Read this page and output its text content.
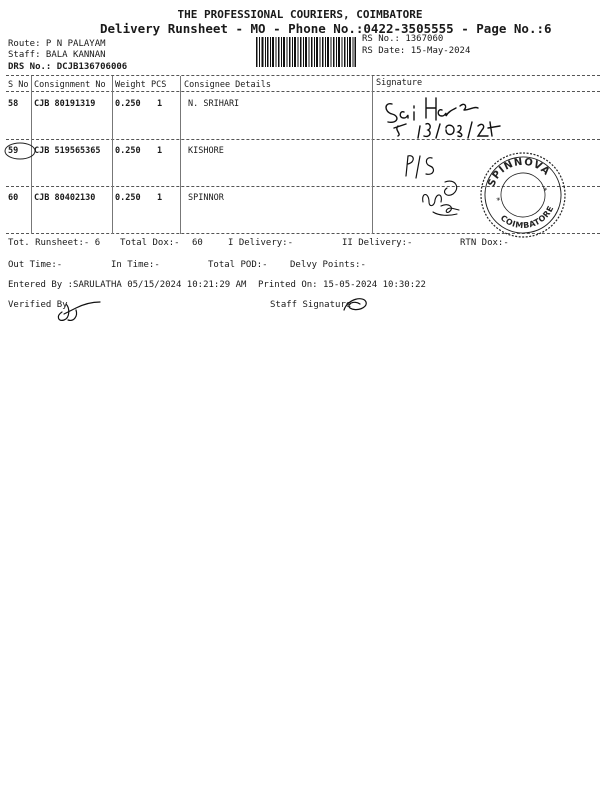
THE PROFESSIONAL COURIERS, COIMBATORE
Delivery Runsheet - MO - Phone No.:0422-3505555 - Page No.:6
Route: P N PALAYAM
Staff: BALA KANNAN
DRS No.: DCJB136706006
RS No.: 1367060
RS Date: 15-May-2024
S No Consignment No Weight PCS Consignee Details	Signature
58 CJB 80191319 0.250 1	N. SRIHARI
59 CJB 519565365 0.250 1	KISHORE
60 CJB 80402130 0.250 1	SPINNOR
SPINNOVA
COIMBATORE
*
*
Tot. Runsheet:- 6 Total Dox:- 60	I Delivery:-	II Delivery:-	RTN Dox:-
Out Time:-	In Time:-	Total POD:- Delvy Points:-
Entered By :SARULATHA 05/15/2024 10:21:29 AM Printed On: 15-05-2024 10:30:22
Verified By	Staff Signature
